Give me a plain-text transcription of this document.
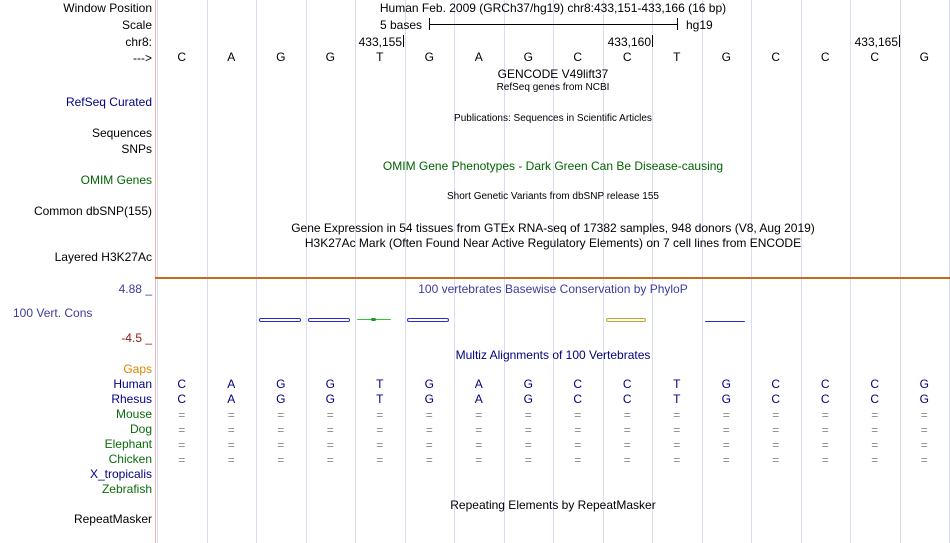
Window Position	Human Feb. 2009 (GRCh37/hg19) chr8:433,151-433,166 (16 bp)
Scale	5 bases	hg19
chr8:	433,155	433,160	433,165
--->	C	A	G	G	T	G	A	G	C	C	T	G	C	C	C	G
GENCODE V49lift37
RefSeq genes from NCBI
RefSeq Curated
Publications: Sequences in Scientific Articles
Sequences
SNPs
OMIM Gene Phenotypes - Dark Green Can Be Disease-causing
OMIM Genes
Short Genetic Variants from dbSNP release 155
Common dbSNP(155)
Gene Expression in 54 tissues from GTEx RNA-seq of 17382 samples, 948 donors (V8, Aug 2019)
H3K27Ac Mark (Often Found Near Active Regulatory Elements) on 7 cell lines from ENCODE
Layered H3K27Ac
4.88 _	100 vertebrates Basewise Conservation by PhyloP
100 Vert. Cons
-4.5 _
Multiz Alignments of 100 Vertebrates
Gaps
Human	C	A	G	G	T	G	A	G	C	C	T	G	C	C	C	G
Rhesus	C	A	G	G	T	G	A	G	C	C	T	G	C	C	C	G
Mouse	=	=	=	=	=	=	=	=	=	=	=	=	=	=	=	=
Dog	=	=	=	=	=	=	=	=	=	=	=	=	=	=	=	=
Elephant	=	=	=	=	=	=	=	=	=	=	=	=	=	=	=	=
Chicken	=	=	=	=	=	=	=	=	=	=	=	=	=	=	=	=
X_tropicalis
Zebrafish
Repeating Elements by RepeatMasker
RepeatMasker
